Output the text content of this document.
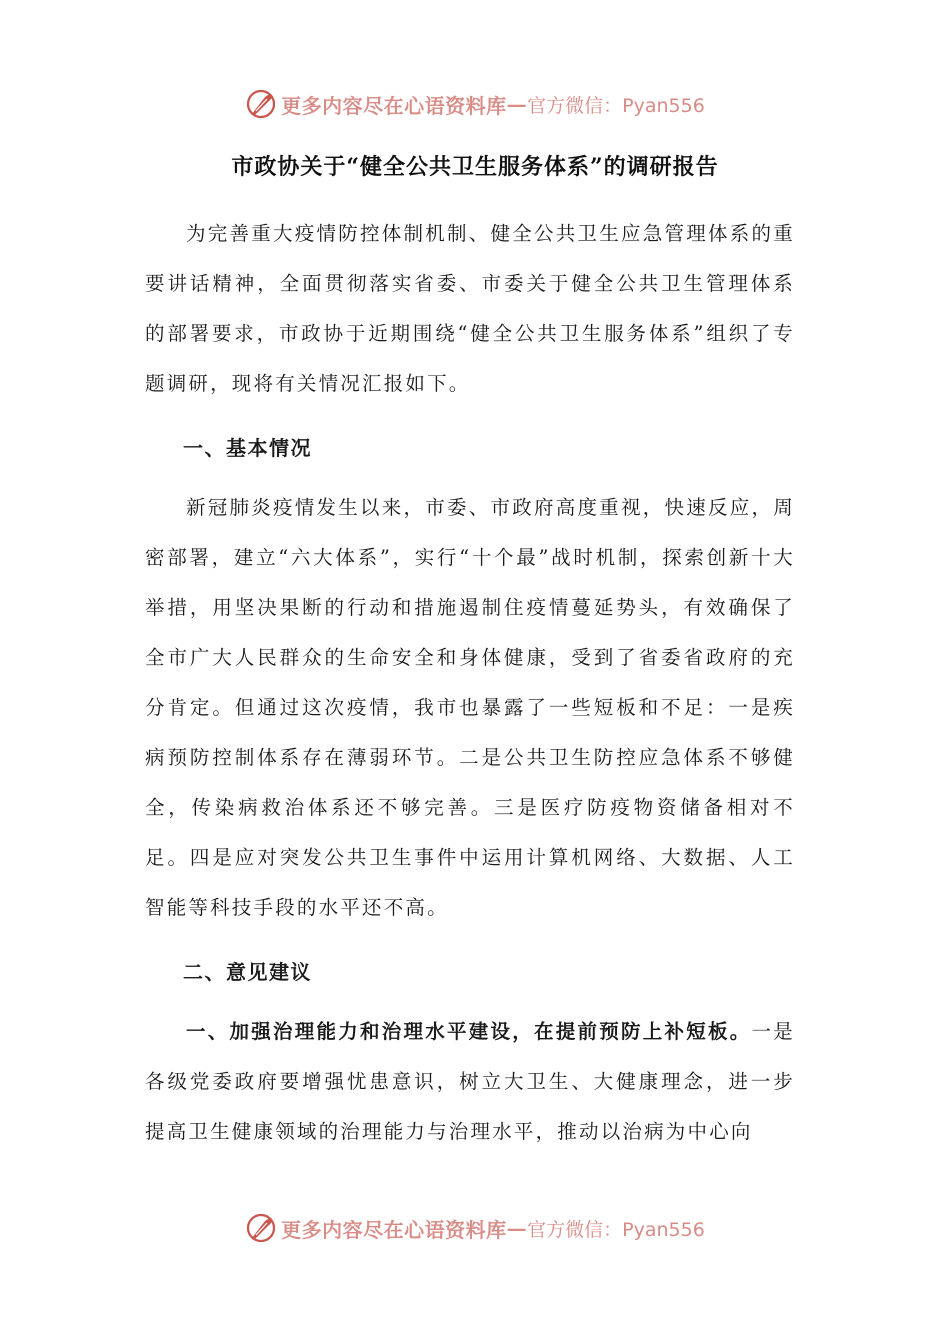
更多内容尽在心语资料库 — 官方微信：Pyan556
市政协关于“健全公共卫生服务体系”的调研报告

为完善重大疫情防控体制机制、健全公共卫生应急管理体系的重要讲话精神，全面贯彻落实省委、市委关于健全公共卫生管理体系的部署要求，市政协于近期围绕“健全公共卫生服务体系”组织了专题调研，现将有关情况汇报如下。

一、基本情况

新冠肺炎疫情发生以来，市委、市政府高度重视，快速反应，周密部署，建立“六大体系”，实行“十个最”战时机制，探索创新十大举措，用坚决果断的行动和措施遏制住疫情蔓延势头，有效确保了全市广大人民群众的生命安全和身体健康，受到了省委省政府的充分肯定。但通过这次疫情，我市也暴露了一些短板和不足：一是疾病预防控制体系存在薄弱环节。二是公共卫生防控应急体系不够健全，传染病救治体系还不够完善。三是医疗防疫物资储备相对不足。四是应对突发公共卫生事件中运用计算机网络、大数据、人工智能等科技手段的水平还不高。

二、意见建议

一、加强治理能力和治理水平建设，在提前预防上补短板。一是各级党委政府要增强忧患意识，树立大卫生、大健康理念，进一步提高卫生健康领域的治理能力与治理水平，推动以治病为中心向

更多内容尽在心语资料库 — 官方微信：Pyan556
